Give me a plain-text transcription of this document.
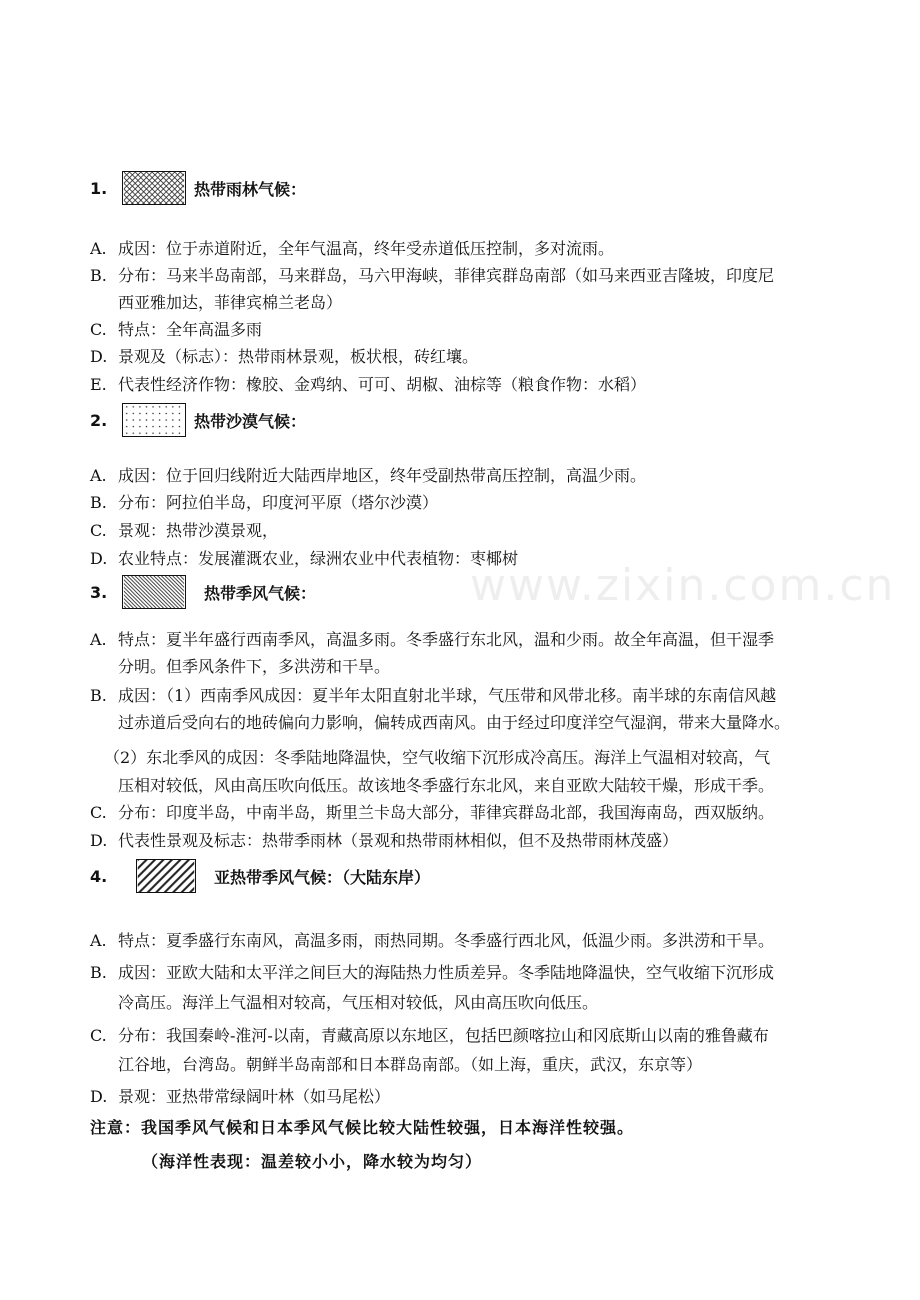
1.	热带雨林气候：
A. 成因：位于赤道附近，全年气温高，终年受赤道低压控制，多对流雨。
B. 分布：马来半岛南部，马来群岛，马六甲海峡，菲律宾群岛南部（如马来西亚吉隆坡，印度尼
西亚雅加达，菲律宾棉兰老岛）
C. 特点：全年高温多雨
D. 景观及（标志）：热带雨林景观，板状根，砖红壤。
E. 代表性经济作物：橡胶、金鸡纳、可可、胡椒、油棕等（粮食作物：水稻）
2.	热带沙漠气候：
A. 成因：位于回归线附近大陆西岸地区，终年受副热带高压控制，高温少雨。
B. 分布：阿拉伯半岛，印度河平原（塔尔沙漠）
C. 景观：热带沙漠景观，
D. 农业特点：发展灌溉农业，绿洲农业中代表植物：枣椰树
3.	热带季风气候：
A. 特点：夏半年盛行西南季风，高温多雨。冬季盛行东北风，温和少雨。故全年高温，但干湿季
分明。但季风条件下，多洪涝和干旱。
B. 成因：（1）西南季风成因：夏半年太阳直射北半球，气压带和风带北移。南半球的东南信风越
过赤道后受向右的地砖偏向力影响，偏转成西南风。由于经过印度洋空气湿润，带来大量降水。
（2）东北季风的成因：冬季陆地降温快，空气收缩下沉形成冷高压。海洋上气温相对较高，气
压相对较低，风由高压吹向低压。故该地冬季盛行东北风，来自亚欧大陆较干燥，形成干季。
C. 分布：印度半岛，中南半岛，斯里兰卡岛大部分，菲律宾群岛北部，我国海南岛，西双版纳。
D. 代表性景观及标志：热带季雨林（景观和热带雨林相似，但不及热带雨林茂盛）
4.	亚热带季风气候：（大陆东岸）
A. 特点：夏季盛行东南风，高温多雨，雨热同期。冬季盛行西北风，低温少雨。多洪涝和干旱。
B. 成因：亚欧大陆和太平洋之间巨大的海陆热力性质差异。冬季陆地降温快，空气收缩下沉形成
冷高压。海洋上气温相对较高，气压相对较低，风由高压吹向低压。
C. 分布：我国秦岭-淮河-以南，青藏高原以东地区，包括巴颜喀拉山和冈底斯山以南的雅鲁藏布
江谷地，台湾岛。朝鲜半岛南部和日本群岛南部。（如上海，重庆，武汉，东京等）
D. 景观：亚热带常绿阔叶林（如马尾松）
注意：我国季风气候和日本季风气候比较大陆性较强，日本海洋性较强。
（海洋性表现：温差较小小，降水较为均匀）
www.zixin.com.cn
